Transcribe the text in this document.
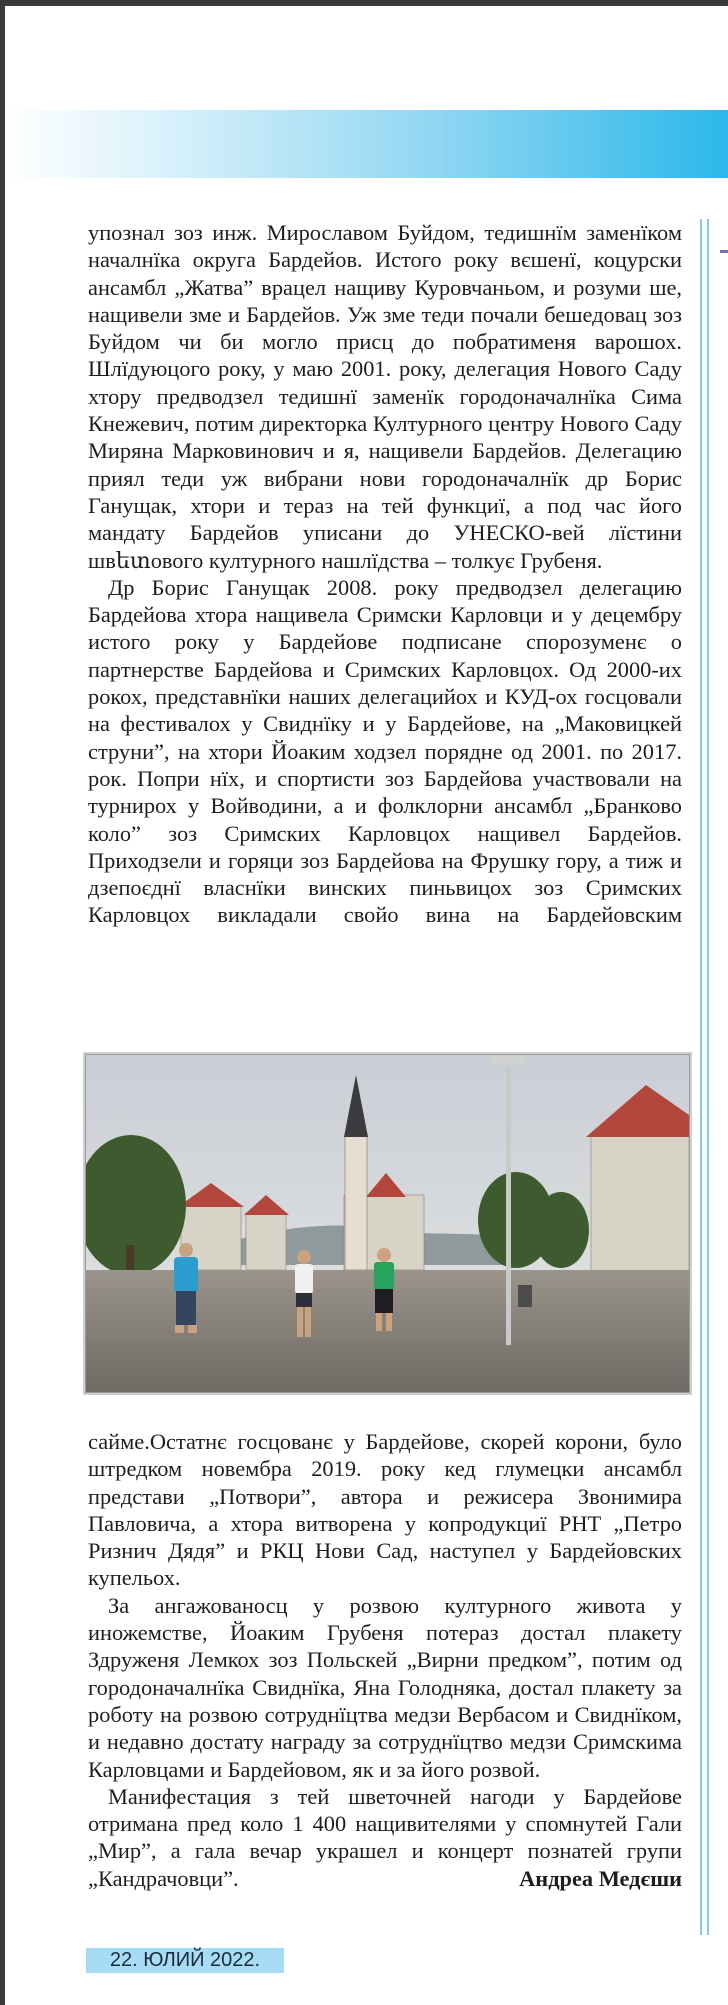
упознал зоз инж. Мирославом Буйдом, тедишнїм заменїком началнїка округа Бардейов. Истого року вєшенї, коцурски ансамбл „Жатва” врацел нащиву Куровчаньом, и розуми ше, нащивели зме и Бардейов. Уж зме теди почали бешедовац зоз Буйдом чи би могло присц до побратименя варошох. Шлїдуюцого року, у маю 2001. року, делегация Нового Саду хтору предводзел тедишнї заменїк городоначалнїка Сима Кнежевич, потим директорка Културного центру Нового Саду Миряна Марковинович и я, нащивели Бардейов. Делегацию приял теди уж вибрани нови городоначалнїк др Борис Ганущак, хтори и тераз на тей функциї, а под час його мандату Бардейов уписани до УНЕСКО-вей лїстини швետового културного нашлїдства – толкує Грубеня.

Др Борис Ганущак 2008. року предводзел делегацию Бардейова хтора нащивела Сримски Карловци и у децембру истого року у Бардейове подписане спорозуменє о партнерстве Бардейова и Сримских Карловцох. Од 2000-их рокох, представнїки наших делегацийох и КУД-ох госцовали на фестивалох у Свиднїку и у Бардейове, на „Маковицкей струни”, на хтори Йоаким ходзел порядне од 2001. по 2017. рок. Попри нїх, и спортисти зоз Бардейова участвовали на турнирох у Войводини, а и фолклорни ансамбл „Бранково коло” зоз Сримских Карловцох нащивел Бардейов. Приходзели и горяци зоз Бардейова на Фрушку гору, а тиж и дзепоєднї власнїки винских пиньвицох зоз Сримских Карловцох викладали свойо вина на Бардейовским

сайме.Остатнє госцованє у Бардейове, скорей корони, було штредком новембра 2019. року кед глумецки ансамбл представи „Потвори”, автора и режисера Звонимира Павловича, а хтора витворена у копродукциї РНТ „Петро Ризнич Дядя” и РКЦ Нови Сад, наступел у Бардейовских купельох.

За ангажованосц у розвою културного живота у иножемстве, Йоаким Грубеня потераз достал плакету Здруженя Лемкох зоз Польскей „Вирни предком”, потим од городоначалнїка Свиднїка, Яна Голодняка, достал плакету за роботу на розвою сотруднїцтва медзи Вербасом и Свиднїком, и недавно достату награду за сотруднїцтво медзи Сримскима Карловцами и Бардейовом, як и за його розвой.

Манифестация з тей шветочней нагоди у Бардейове отримана пред коло 1 400 нащивителями у спомнутей Гали „Мир”, а гала вечар украшел и концерт познатей групи „Кандрачовци”.	Андреа Медєши

22. ЮЛИЙ 2022.
